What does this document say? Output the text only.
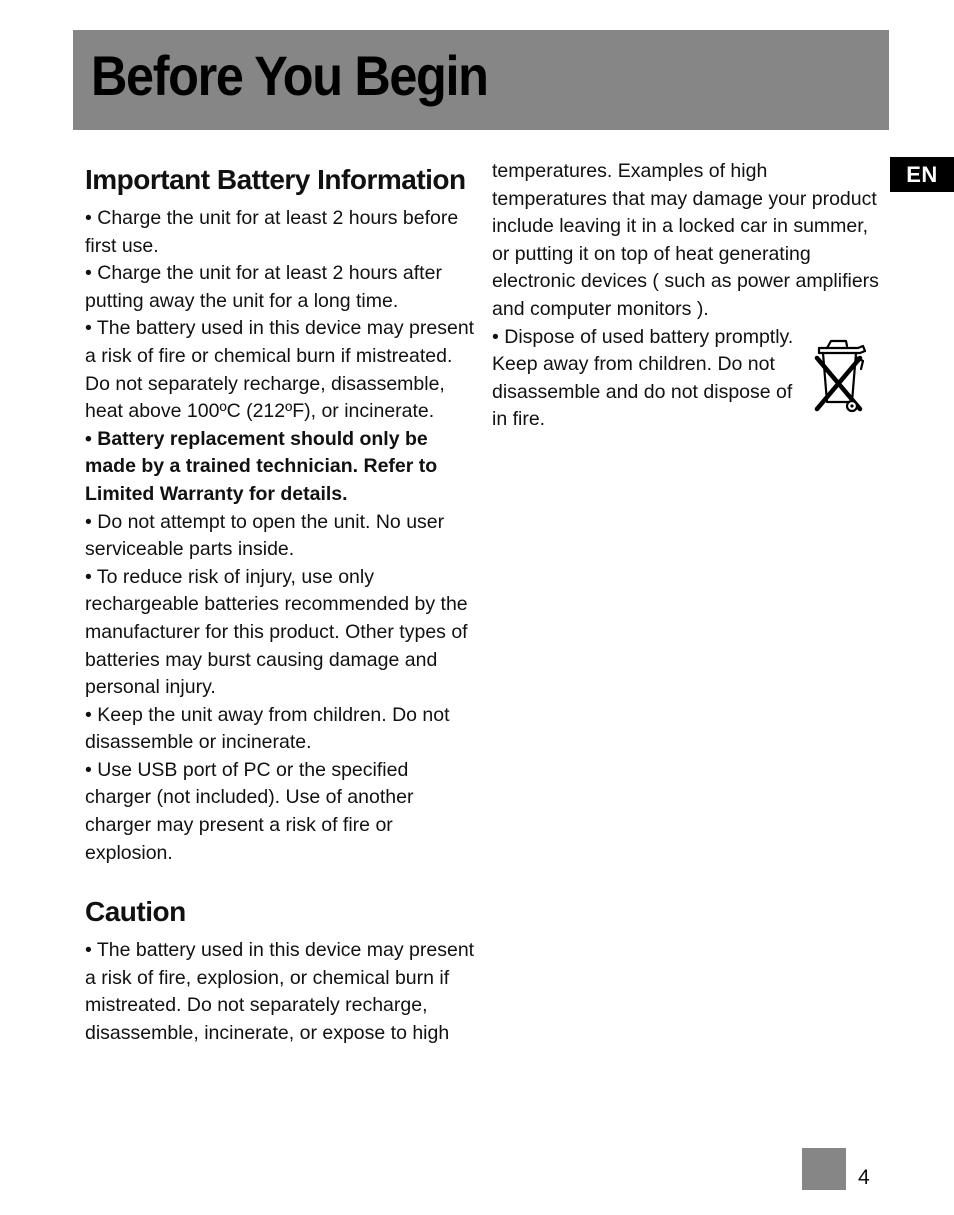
Before You Begin
EN
Important Battery Information

• Charge the unit for at least 2 hours before first use.

• Charge the unit for at least 2 hours after putting away the unit for a long time.

• The battery used in this device may present a risk of fire or chemical burn if mistreated. Do not separately recharge, disassemble, heat above 100ºC (212ºF), or incinerate.

• Battery replacement should only be made by a trained technician. Refer to Limited Warranty for details.

• Do not attempt to open the unit. No user serviceable parts inside.

• To reduce risk of injury, use only rechargeable batteries recommended by the manufacturer for this product. Other types of batteries may burst causing damage and personal injury.

• Keep the unit away from children. Do not disassemble or incinerate.

• Use USB port of PC or the specified charger (not included). Use of another charger may present a risk of fire or explosion.

Caution

• The battery used in this device may present a risk of fire, explosion, or chemical burn if mistreated. Do not separately recharge, disassemble, incinerate, or expose to high

temperatures. Examples of high temperatures that may damage your product include leaving it in a locked car in summer, or putting it on top of heat generating electronic devices ( such as power amplifiers and computer monitors ).

• Dispose of used battery promptly. Keep away from children. Do not disassemble and do not dispose of in fire.

4
